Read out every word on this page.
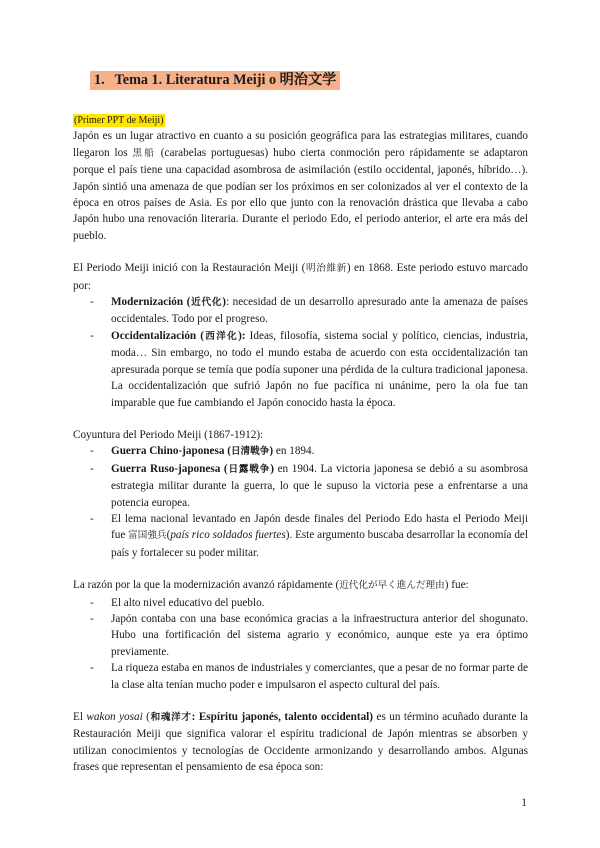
1. Tema 1. Literatura Meiji o 明治文学
(Primer PPT de Meiji)

Japón es un lugar atractivo en cuanto a su posición geográfica para las estrategias militares, cuando llegaron los 黒船 (carabelas portuguesas) hubo cierta conmoción pero rápidamente se adaptaron porque el país tiene una capacidad asombrosa de asimilación (estilo occidental, japonés, híbrido…). Japón sintió una amenaza de que podían ser los próximos en ser colonizados al ver el contexto de la época en otros países de Asia. Es por ello que junto con la renovación drástica que llevaba a cabo Japón hubo una renovación literaria. Durante el periodo Edo, el periodo anterior, el arte era más del pueblo.

El Periodo Meiji inició con la Restauración Meiji (明治維新) en 1868. Este periodo estuvo marcado por:

- Modernización (近代化): necesidad de un desarrollo apresurado ante la amenaza de países occidentales. Todo por el progreso.
- Occidentalización (西洋化): Ideas, filosofía, sistema social y político, ciencias, industria, moda… Sin embargo, no todo el mundo estaba de acuerdo con esta occidentalización tan apresurada porque se temía que podía suponer una pérdida de la cultura tradicional japonesa. La occidentalización que sufrió Japón no fue pacífica ni unánime, pero la ola fue tan imparable que fue cambiando el Japón conocido hasta la época.

Coyuntura del Periodo Meiji (1867-1912):

- Guerra Chino-japonesa (日清戦争) en 1894.
- Guerra Ruso-japonesa (日露戦争) en 1904. La victoria japonesa se debió a su asombrosa estrategia militar durante la guerra, lo que le supuso la victoria pese a enfrentarse a una potencia europea.
- El lema nacional levantado en Japón desde finales del Periodo Edo hasta el Periodo Meiji fue 富国強兵(país rico soldados fuertes). Este argumento buscaba desarrollar la economía del país y fortalecer su poder militar.

La razón por la que la modernización avanzó rápidamente (近代化が早く進んだ理由) fue:

- El alto nivel educativo del pueblo.
- Japón contaba con una base económica gracias a la infraestructura anterior del shogunato. Hubo una fortificación del sistema agrario y económico, aunque este ya era óptimo previamente.
- La riqueza estaba en manos de industriales y comerciantes, que a pesar de no formar parte de la clase alta tenían mucho poder e impulsaron el aspecto cultural del país.

El wakon yosai (和魂洋才: Espíritu japonés, talento occidental) es un término acuñado durante la Restauración Meiji que significa valorar el espíritu tradicional de Japón mientras se absorben y utilizan conocimientos y tecnologías de Occidente armonizando y desarrollando ambos. Algunas frases que representan el pensamiento de esa época son:

1
